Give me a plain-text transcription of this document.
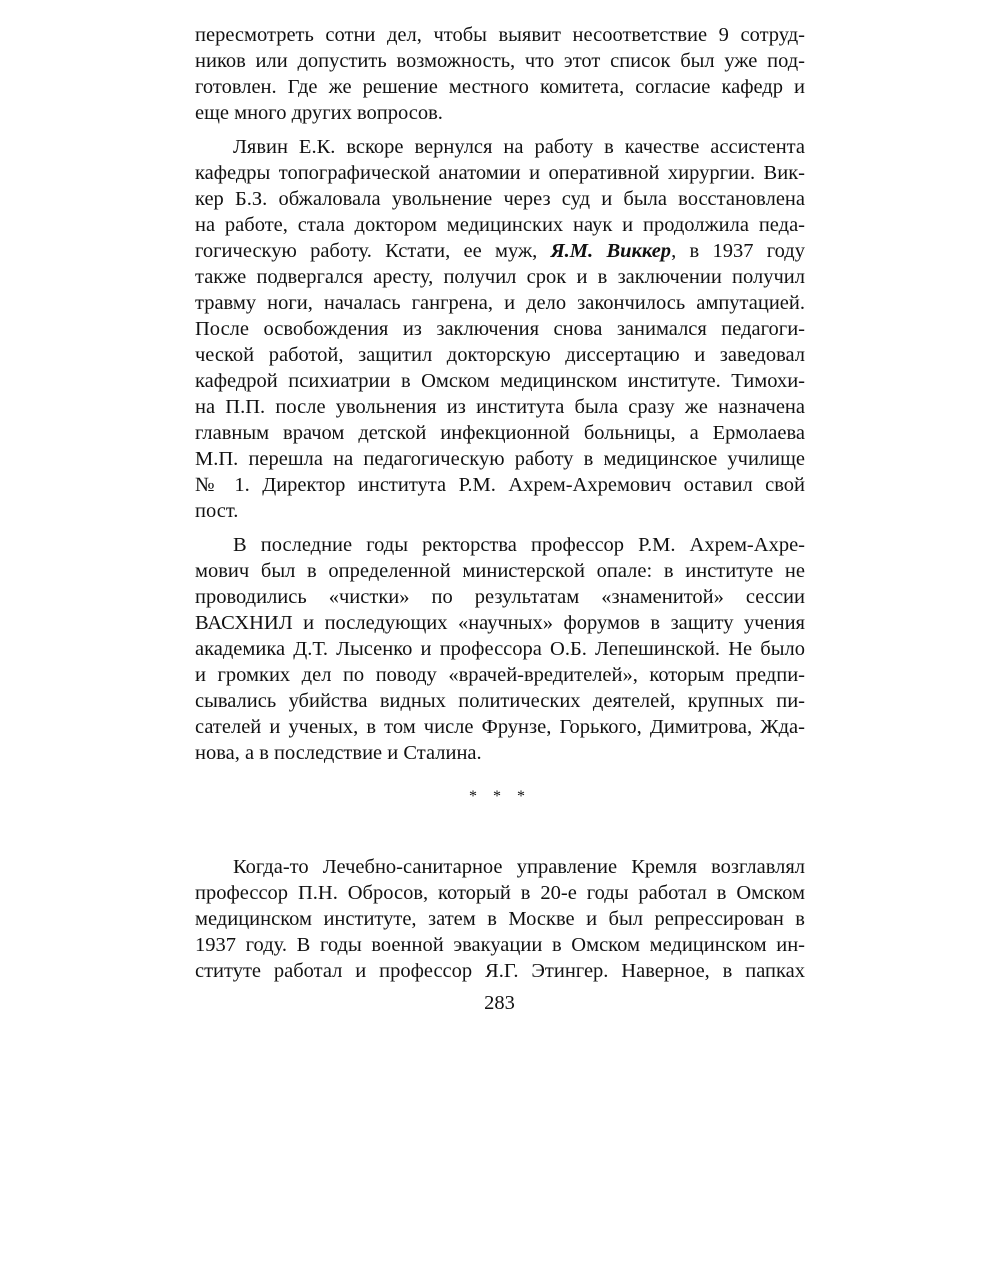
пересмотреть сотни дел, чтобы выявит несоответствие 9 сотруд-
ников или допустить возможность, что этот список был уже под-
готовлен. Где же решение местного комитета, согласие кафедр и
еще много других вопросов.
Лявин Е.К. вскоре вернулся на работу в качестве ассистента
кафедры топографической анатомии и оперативной хирургии. Вик-
кер Б.З. обжаловала увольнение через суд и была восстановлена
на работе, стала доктором медицинских наук и продолжила педа-
гогическую работу. Кстати, ее муж, Я.М. Виккер, в 1937 году
также подвергался аресту, получил срок и в заключении получил
травму ноги, началась гангрена, и дело закончилось ампутацией.
После освобождения из заключения снова занимался педагоги-
ческой работой, защитил докторскую диссертацию и заведовал
кафедрой психиатрии в Омском медицинском институте. Тимохи-
на П.П. после увольнения из института была сразу же назначена
главным врачом детской инфекционной больницы, а Ермолаева
М.П. перешла на педагогическую работу в медицинское училище
№ 1. Директор института Р.М. Ахрем-Ахремович оставил свой
пост.
В последние годы ректорства профессор Р.М. Ахрем-Ахре-
мович был в определенной министерской опале: в институте не
проводились «чистки» по результатам «знаменитой» сессии
ВАСХНИЛ и последующих «научных» форумов в защиту учения
академика Д.Т. Лысенко и профессора О.Б. Лепешинской. Не было
и громких дел по поводу «врачей-вредителей», которым предпи-
сывались убийства видных политических деятелей, крупных пи-
сателей и ученых, в том числе Фрунзе, Горького, Димитрова, Жда-
нова, а в последствие и Сталина.
* * *
Когда-то Лечебно-санитарное управление Кремля возглавлял
профессор П.Н. Обросов, который в 20-е годы работал в Омском
медицинском институте, затем в Москве и был репрессирован в
1937 году. В годы военной эвакуации в Омском медицинском ин-
ституте работал и профессор Я.Г. Этингер. Наверное, в папках
283
